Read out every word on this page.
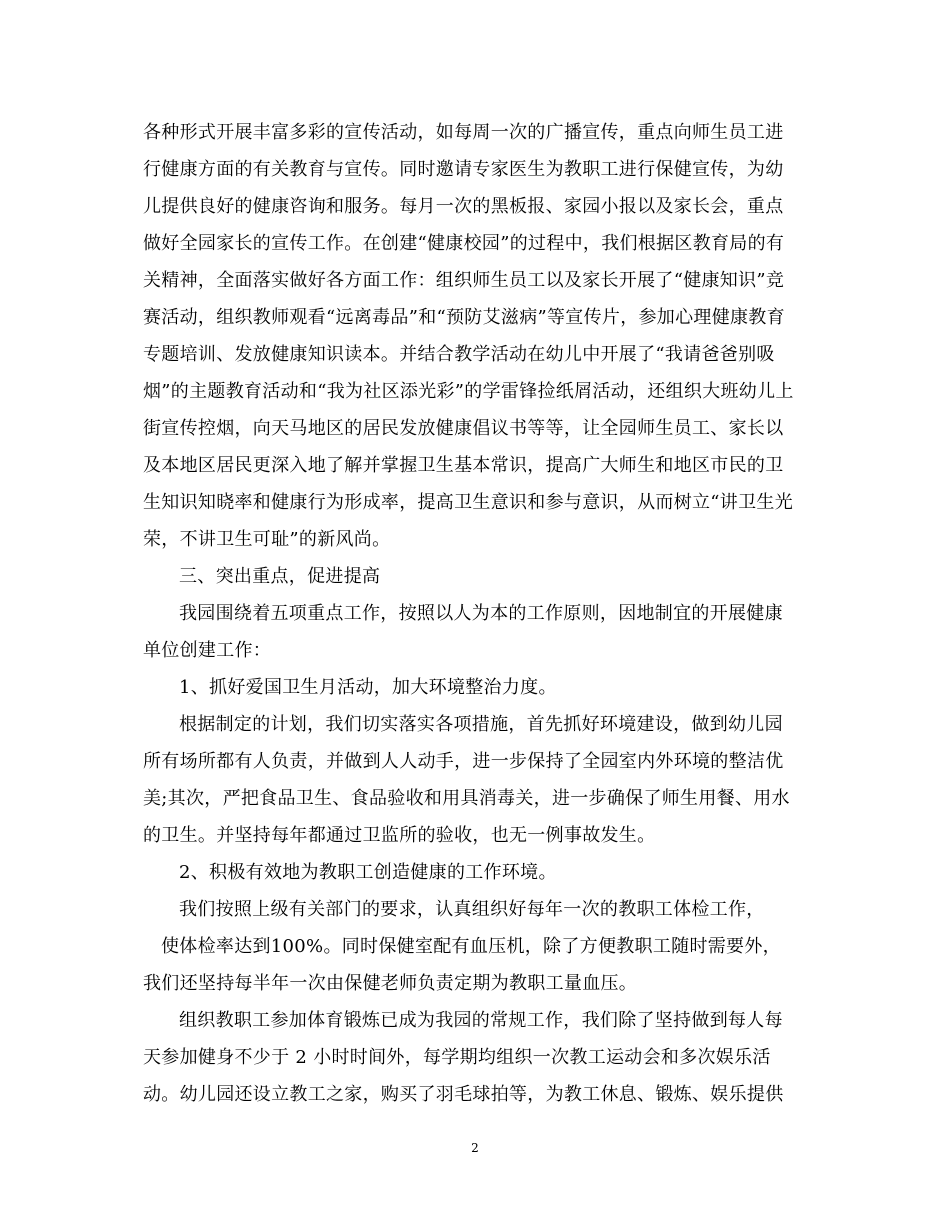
各种形式开展丰富多彩的宣传活动，如每周一次的广播宣传，重点向师生员工进
行健康方面的有关教育与宣传。同时邀请专家医生为教职工进行保健宣传，为幼
儿提供良好的健康咨询和服务。每月一次的黑板报、家园小报以及家长会，重点
做好全园家长的宣传工作。在创建“健康校园”的过程中，我们根据区教育局的有
关精神，全面落实做好各方面工作：组织师生员工以及家长开展了“健康知识”竞
赛活动，组织教师观看“远离毒品”和“预防艾滋病”等宣传片，参加心理健康教育
专题培训、发放健康知识读本。并结合教学活动在幼儿中开展了“我请爸爸别吸
烟”的主题教育活动和“我为社区添光彩”的学雷锋捡纸屑活动，还组织大班幼儿上
街宣传控烟，向天马地区的居民发放健康倡议书等等，让全园师生员工、家长以
及本地区居民更深入地了解并掌握卫生基本常识，提高广大师生和地区市民的卫
生知识知晓率和健康行为形成率，提高卫生意识和参与意识，从而树立“讲卫生光
荣，不讲卫生可耻”的新风尚。
三、突出重点，促进提高
我园围绕着五项重点工作，按照以人为本的工作原则，因地制宜的开展健康
单位创建工作：
1、抓好爱国卫生月活动，加大环境整治力度。
根据制定的计划，我们切实落实各项措施，首先抓好环境建设，做到幼儿园
所有场所都有人负责，并做到人人动手，进一步保持了全园室内外环境的整洁优
美;其次，严把食品卫生、食品验收和用具消毒关，进一步确保了师生用餐、用水
的卫生。并坚持每年都通过卫监所的验收，也无一例事故发生。
2、积极有效地为教职工创造健康的工作环境。
我们按照上级有关部门的要求，认真组织好每年一次的教职工体检工作，
使体检率达到100%。同时保健室配有血压机，除了方便教职工随时需要外，
我们还坚持每半年一次由保健老师负责定期为教职工量血压。
组织教职工参加体育锻炼已成为我园的常规工作，我们除了坚持做到每人每
天参加健身不少于 2 小时时间外，每学期均组织一次教工运动会和多次娱乐活
动。幼儿园还设立教工之家，购买了羽毛球拍等，为教工休息、锻炼、娱乐提供
2
